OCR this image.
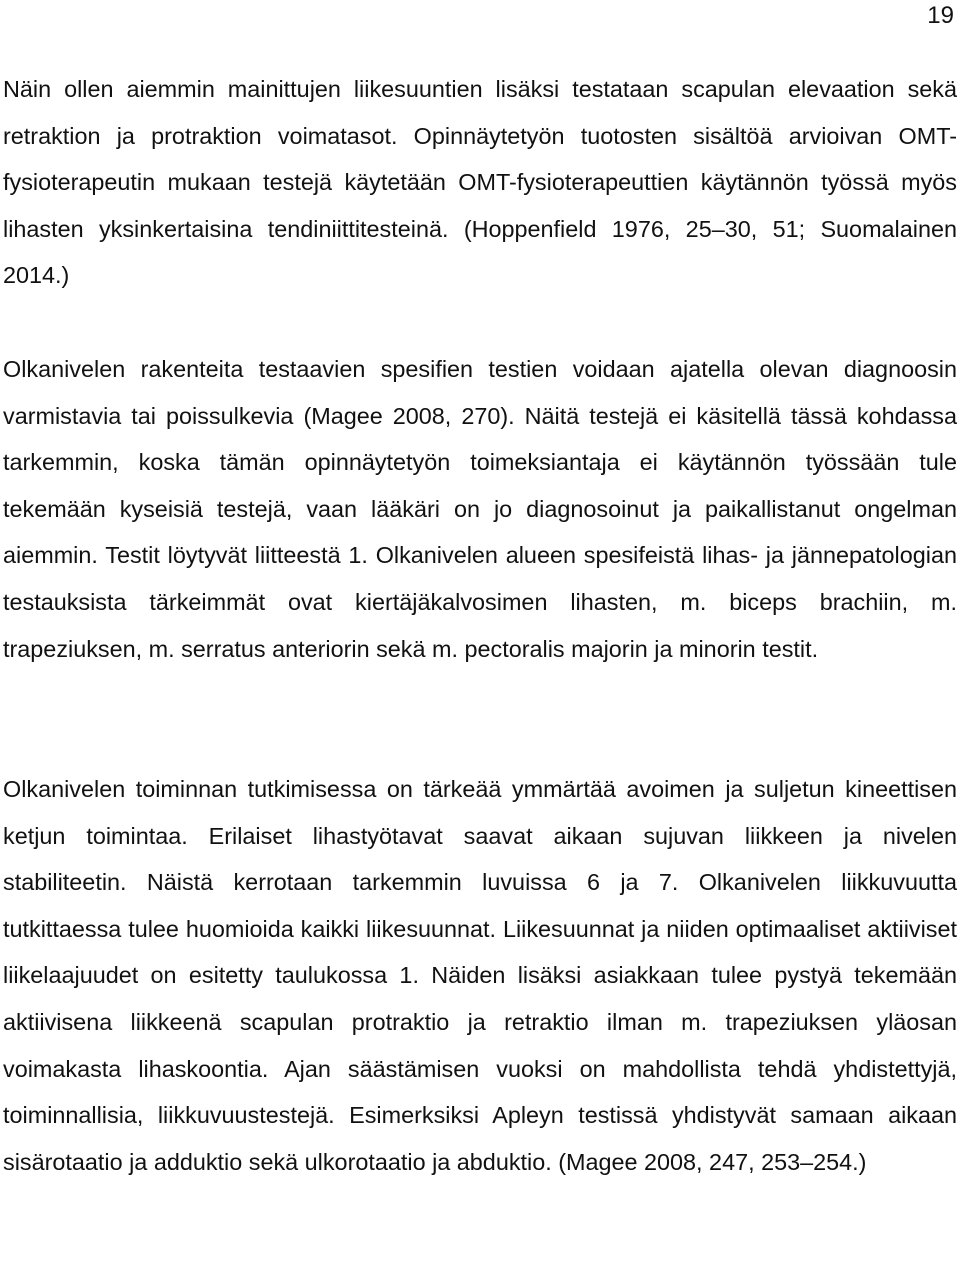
19

Näin ollen aiemmin mainittujen liikesuuntien lisäksi testataan scapulan elevaation sekä retraktion ja protraktion voimatasot. Opinnäytetyön tuotosten sisältöä arvioivan OMT-fysioterapeutin mukaan testejä käytetään OMT-fysioterapeuttien käytännön työssä myös lihasten yksinkertaisina tendiniittitesteinä. (Hoppenfield 1976, 25–30, 51; Suomalainen 2014.)

Olkanivelen rakenteita testaavien spesifien testien voidaan ajatella olevan diagnoosin varmistavia tai poissulkevia (Magee 2008, 270). Näitä testejä ei käsitellä tässä kohdassa tarkemmin, koska tämän opinnäytetyön toimeksiantaja ei käytännön työssään tule tekemään kyseisiä testejä, vaan lääkäri on jo diagnosoinut ja paikallistanut ongelman aiemmin. Testit löytyvät liitteestä 1. Olkanivelen alueen spesifeistä lihas- ja jännepatologian testauksista tärkeimmät ovat kiertäjäkalvosimen lihasten, m. biceps brachiin, m. trapeziuksen, m. serratus anteriorin sekä m. pectoralis majorin ja minorin testit.

Olkanivelen toiminnan tutkimisessa on tärkeää ymmärtää avoimen ja suljetun kineettisen ketjun toimintaa. Erilaiset lihastyötavat saavat aikaan sujuvan liikkeen ja nivelen stabiliteetin. Näistä kerrotaan tarkemmin luvuissa 6 ja 7. Olkanivelen liikkuvuutta tutkittaessa tulee huomioida kaikki liikesuunnat. Liikesuunnat ja niiden optimaaliset aktiiviset liikelaajuudet on esitetty taulukossa 1. Näiden lisäksi asiakkaan tulee pystyä tekemään aktiivisena liikkeenä scapulan protraktio ja retraktio ilman m. trapeziuksen yläosan voimakasta lihaskoontia. Ajan säästämisen vuoksi on mahdollista tehdä yhdistettyjä, toiminnallisia, liikkuvuustestejä. Esimerksiksi Apleyn testissä yhdistyvät samaan aikaan sisärotaatio ja adduktio sekä ulkorotaatio ja abduktio. (Magee 2008, 247, 253–254.)
